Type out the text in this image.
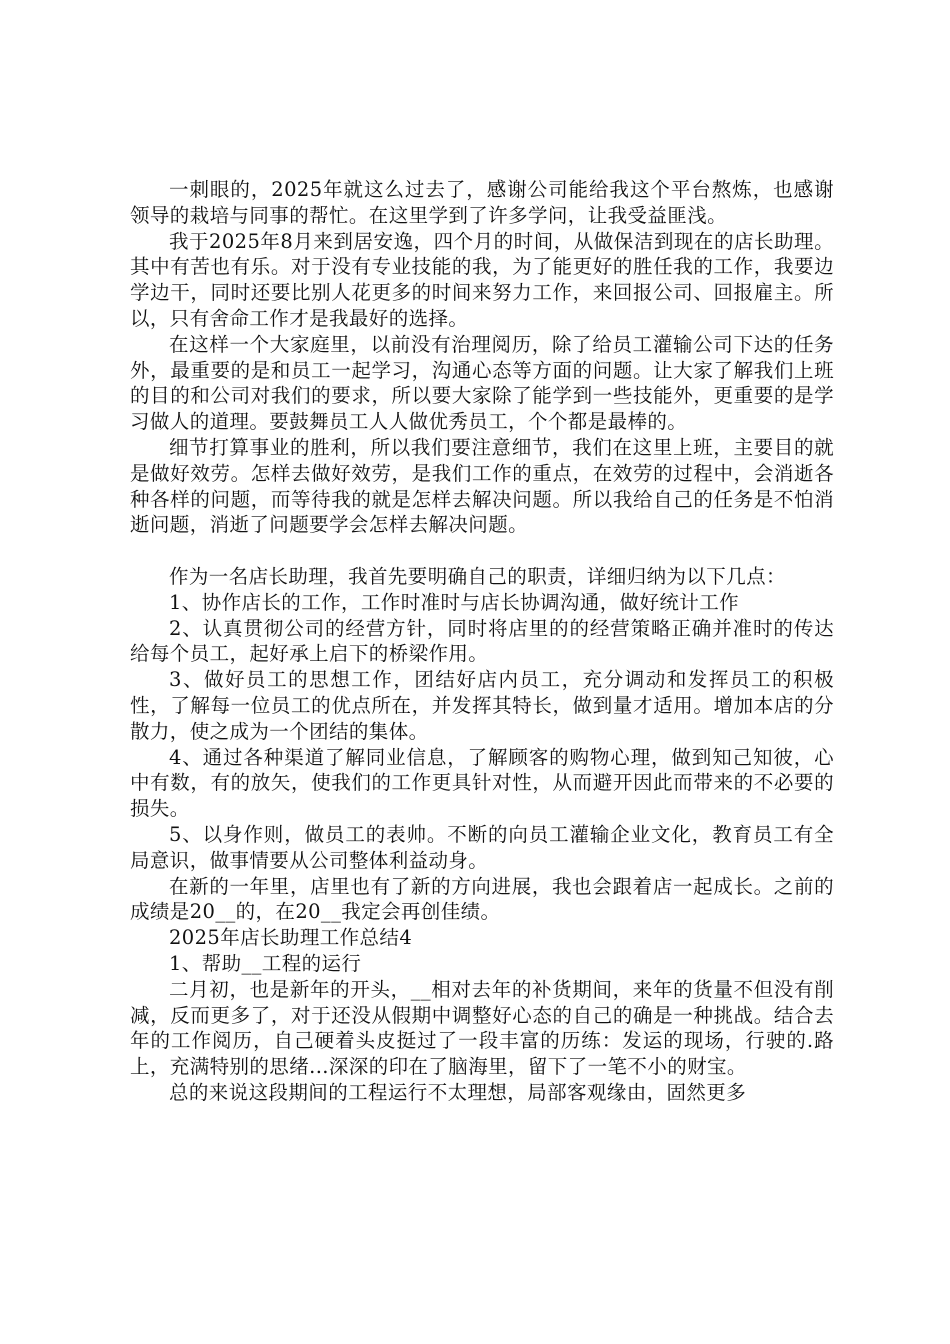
一刺眼的，2025年就这么过去了，感谢公司能给我这个平台熬炼，也感谢领导的栽培与同事的帮忙。在这里学到了许多学问，让我受益匪浅。

我于2025年8月来到居安逸，四个月的时间，从做保洁到现在的店长助理。其中有苦也有乐。对于没有专业技能的我，为了能更好的胜任我的工作，我要边学边干，同时还要比别人花更多的时间来努力工作，来回报公司、回报雇主。所以，只有舍命工作才是我最好的选择。

在这样一个大家庭里，以前没有治理阅历，除了给员工灌输公司下达的任务外，最重要的是和员工一起学习，沟通心态等方面的问题。让大家了解我们上班的目的和公司对我们的要求，所以要大家除了能学到一些技能外，更重要的是学习做人的道理。要鼓舞员工人人做优秀员工，个个都是最棒的。

细节打算事业的胜利，所以我们要注意细节，我们在这里上班，主要目的就是做好效劳。怎样去做好效劳，是我们工作的重点，在效劳的过程中，会消逝各种各样的问题，而等待我的就是怎样去解决问题。所以我给自己的任务是不怕消逝问题，消逝了问题要学会怎样去解决问题。

作为一名店长助理，我首先要明确自己的职责，详细归纳为以下几点：

1、协作店长的工作，工作时准时与店长协调沟通，做好统计工作

2、认真贯彻公司的经营方针，同时将店里的的经营策略正确并准时的传达给每个员工，起好承上启下的桥梁作用。

3、做好员工的思想工作，团结好店内员工，充分调动和发挥员工的积极性，了解每一位员工的优点所在，并发挥其特长，做到量才适用。增加本店的分散力，使之成为一个团结的集体。

4、通过各种渠道了解同业信息，了解顾客的购物心理，做到知己知彼，心中有数，有的放矢，使我们的工作更具针对性，从而避开因此而带来的不必要的损失。

5、以身作则，做员工的表帅。不断的向员工灌输企业文化，教育员工有全局意识，做事情要从公司整体利益动身。

在新的一年里，店里也有了新的方向进展，我也会跟着店一起成长。之前的成绩是20__的，在20__我定会再创佳绩。

2025年店长助理工作总结4

1、帮助__工程的运行

二月初，也是新年的开头，__相对去年的补货期间，来年的货量不但没有削减，反而更多了，对于还没从假期中调整好心态的自己的确是一种挑战。结合去年的工作阅历，自己硬着头皮挺过了一段丰富的历练：发运的现场，行驶的.路上，充满特别的思绪...深深的印在了脑海里，留下了一笔不小的财宝。

总的来说这段期间的工程运行不太理想，局部客观缘由，固然更多
